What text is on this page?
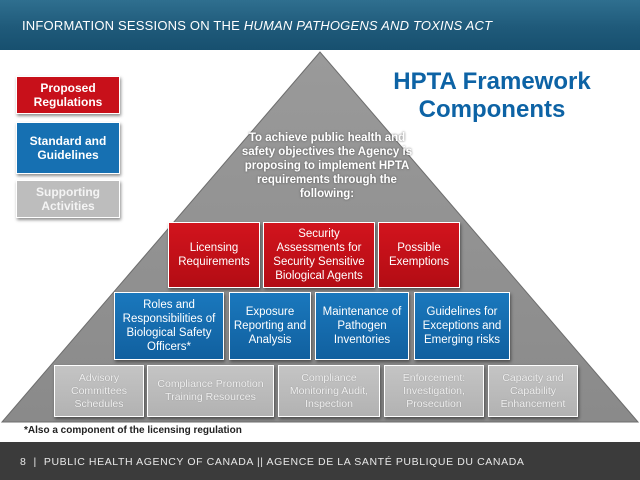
INFORMATION SESSIONS ON THE HUMAN PATHOGENS AND TOXINS ACT
Proposed Regulations
Standard and Guidelines
Supporting Activities
HPTA Framework Components
To achieve public health and safety objectives the Agency is proposing to implement HPTA requirements through the following:
Licensing Requirements
Security Assessments for Security Sensitive Biological Agents
Possible Exemptions
Roles and Responsibilities of Biological Safety Officers*
Exposure Reporting and Analysis
Maintenance of Pathogen Inventories
Guidelines for Exceptions and Emerging risks
Advisory Committees Schedules
Compliance Promotion Training Resources
Compliance Monitoring Audit, Inspection
Enforcement: Investigation, Prosecution
Capacity and Capability Enhancement
*Also a component of the licensing regulation
8  |  PUBLIC HEALTH AGENCY OF CANADA || AGENCE DE LA SANTÉ PUBLIQUE DU CANADA
